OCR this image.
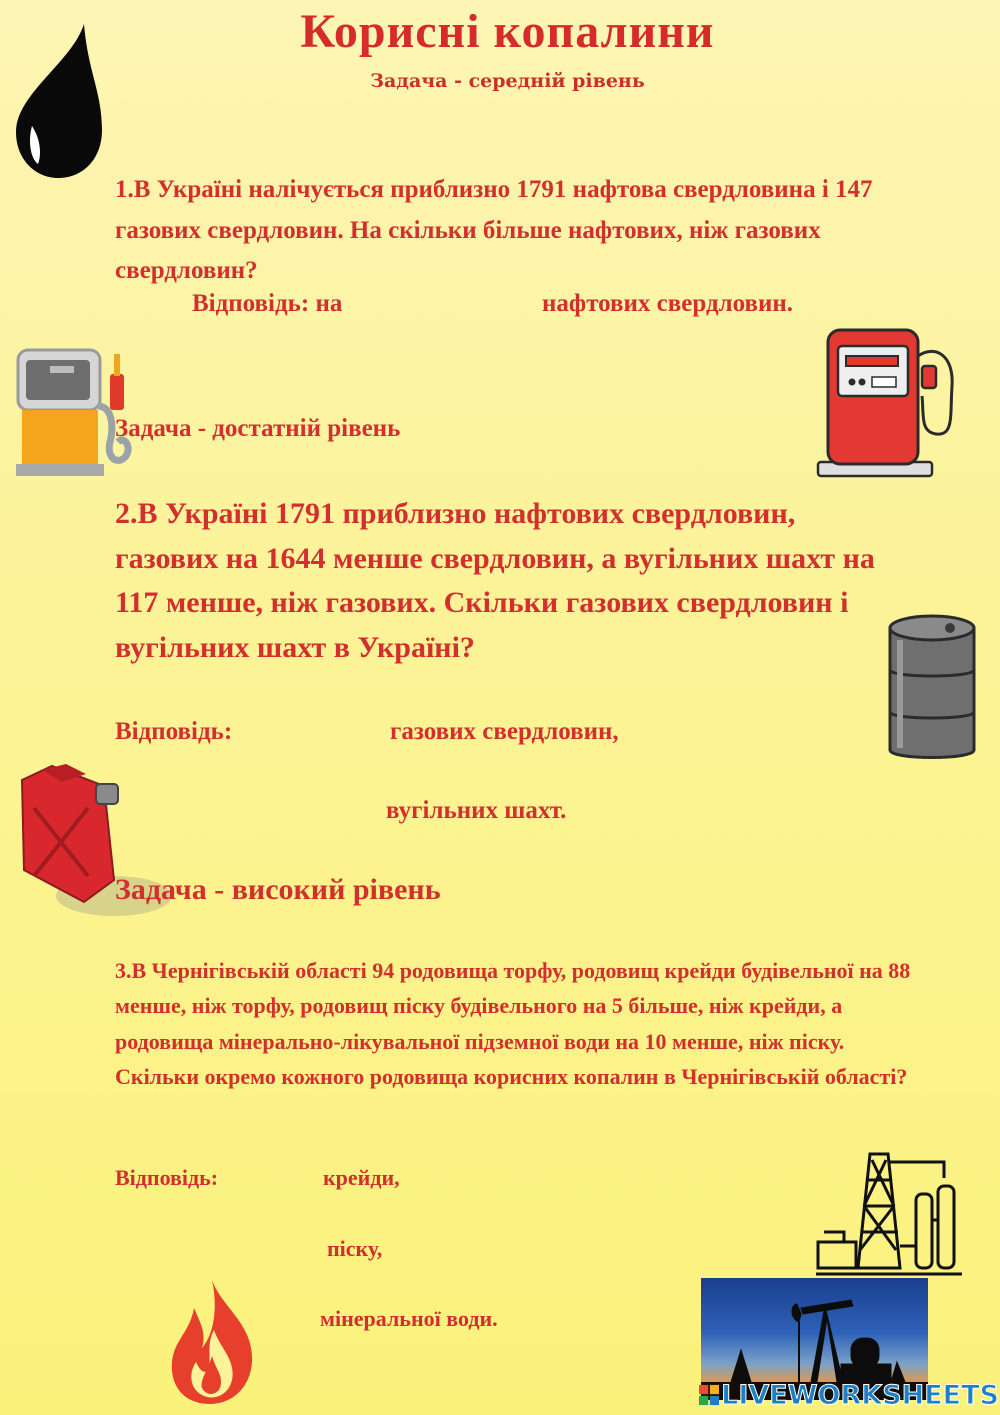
Корисні копалини
Задача - середній рівень
1.В Україні налічується приблизно 1791 нафтова свердловина і 147 газових свердловин. На скільки більше нафтових, ніж газових свердловин?
Відповідь: на	нафтових свердловин.
Задача - достатній рівень
2.В Україні 1791 приблизно нафтових свердловин, газових на 1644 менше свердловин, а вугільних шахт на 117 менше, ніж газових. Скільки газових свердловин і вугільних шахт в Україні?
Відповідь:	газових свердловин,
вугільних шахт.
Задача - високий рівень
3.В Чернігівській області 94 родовища торфу, родовищ крейди будівельної на 88 менше, ніж торфу, родовищ піску будівельного на 5 більше, ніж крейди, а родовища мінерально-лікувальної підземної води на 10 менше, ніж піску. Скільки окремо кожного родовища корисних копалин в Чернігівській області?
Відповідь:	крейди,
піску,
мінеральної води.
LIVEWORKSHEETS
